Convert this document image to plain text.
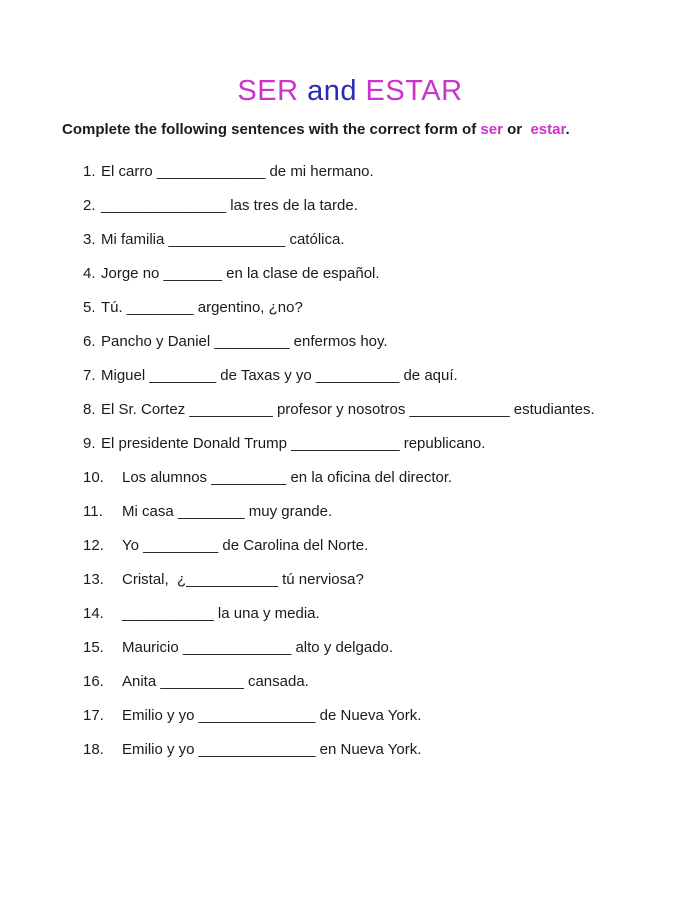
SER and ESTAR

Complete the following sentences with the correct form of ser or  estar.

1. El carro _____________ de mi hermano.
2. _______________ las tres de la tarde.
3. Mi familia ______________ católica.
4. Jorge no _______ en la clase de español.
5. Tú. ________ argentino, ¿no?
6. Pancho y Daniel _________ enfermos hoy.
7. Miguel ________ de Taxas y yo __________ de aquí.
8. El Sr. Cortez __________ profesor y nosotros ____________ estudiantes.
9. El presidente Donald Trump _____________ republicano.
10.	Los alumnos _________ en la oficina del director.
11.	Mi casa ________ muy grande.
12.	Yo _________ de Carolina del Norte.
13.	Cristal,  ¿___________ tú nerviosa?
14.	___________ la una y media.
15.	Mauricio _____________ alto y delgado.
16.	Anita __________ cansada.
17.	Emilio y yo ______________ de Nueva York.
18.	Emilio y yo ______________ en Nueva York.
